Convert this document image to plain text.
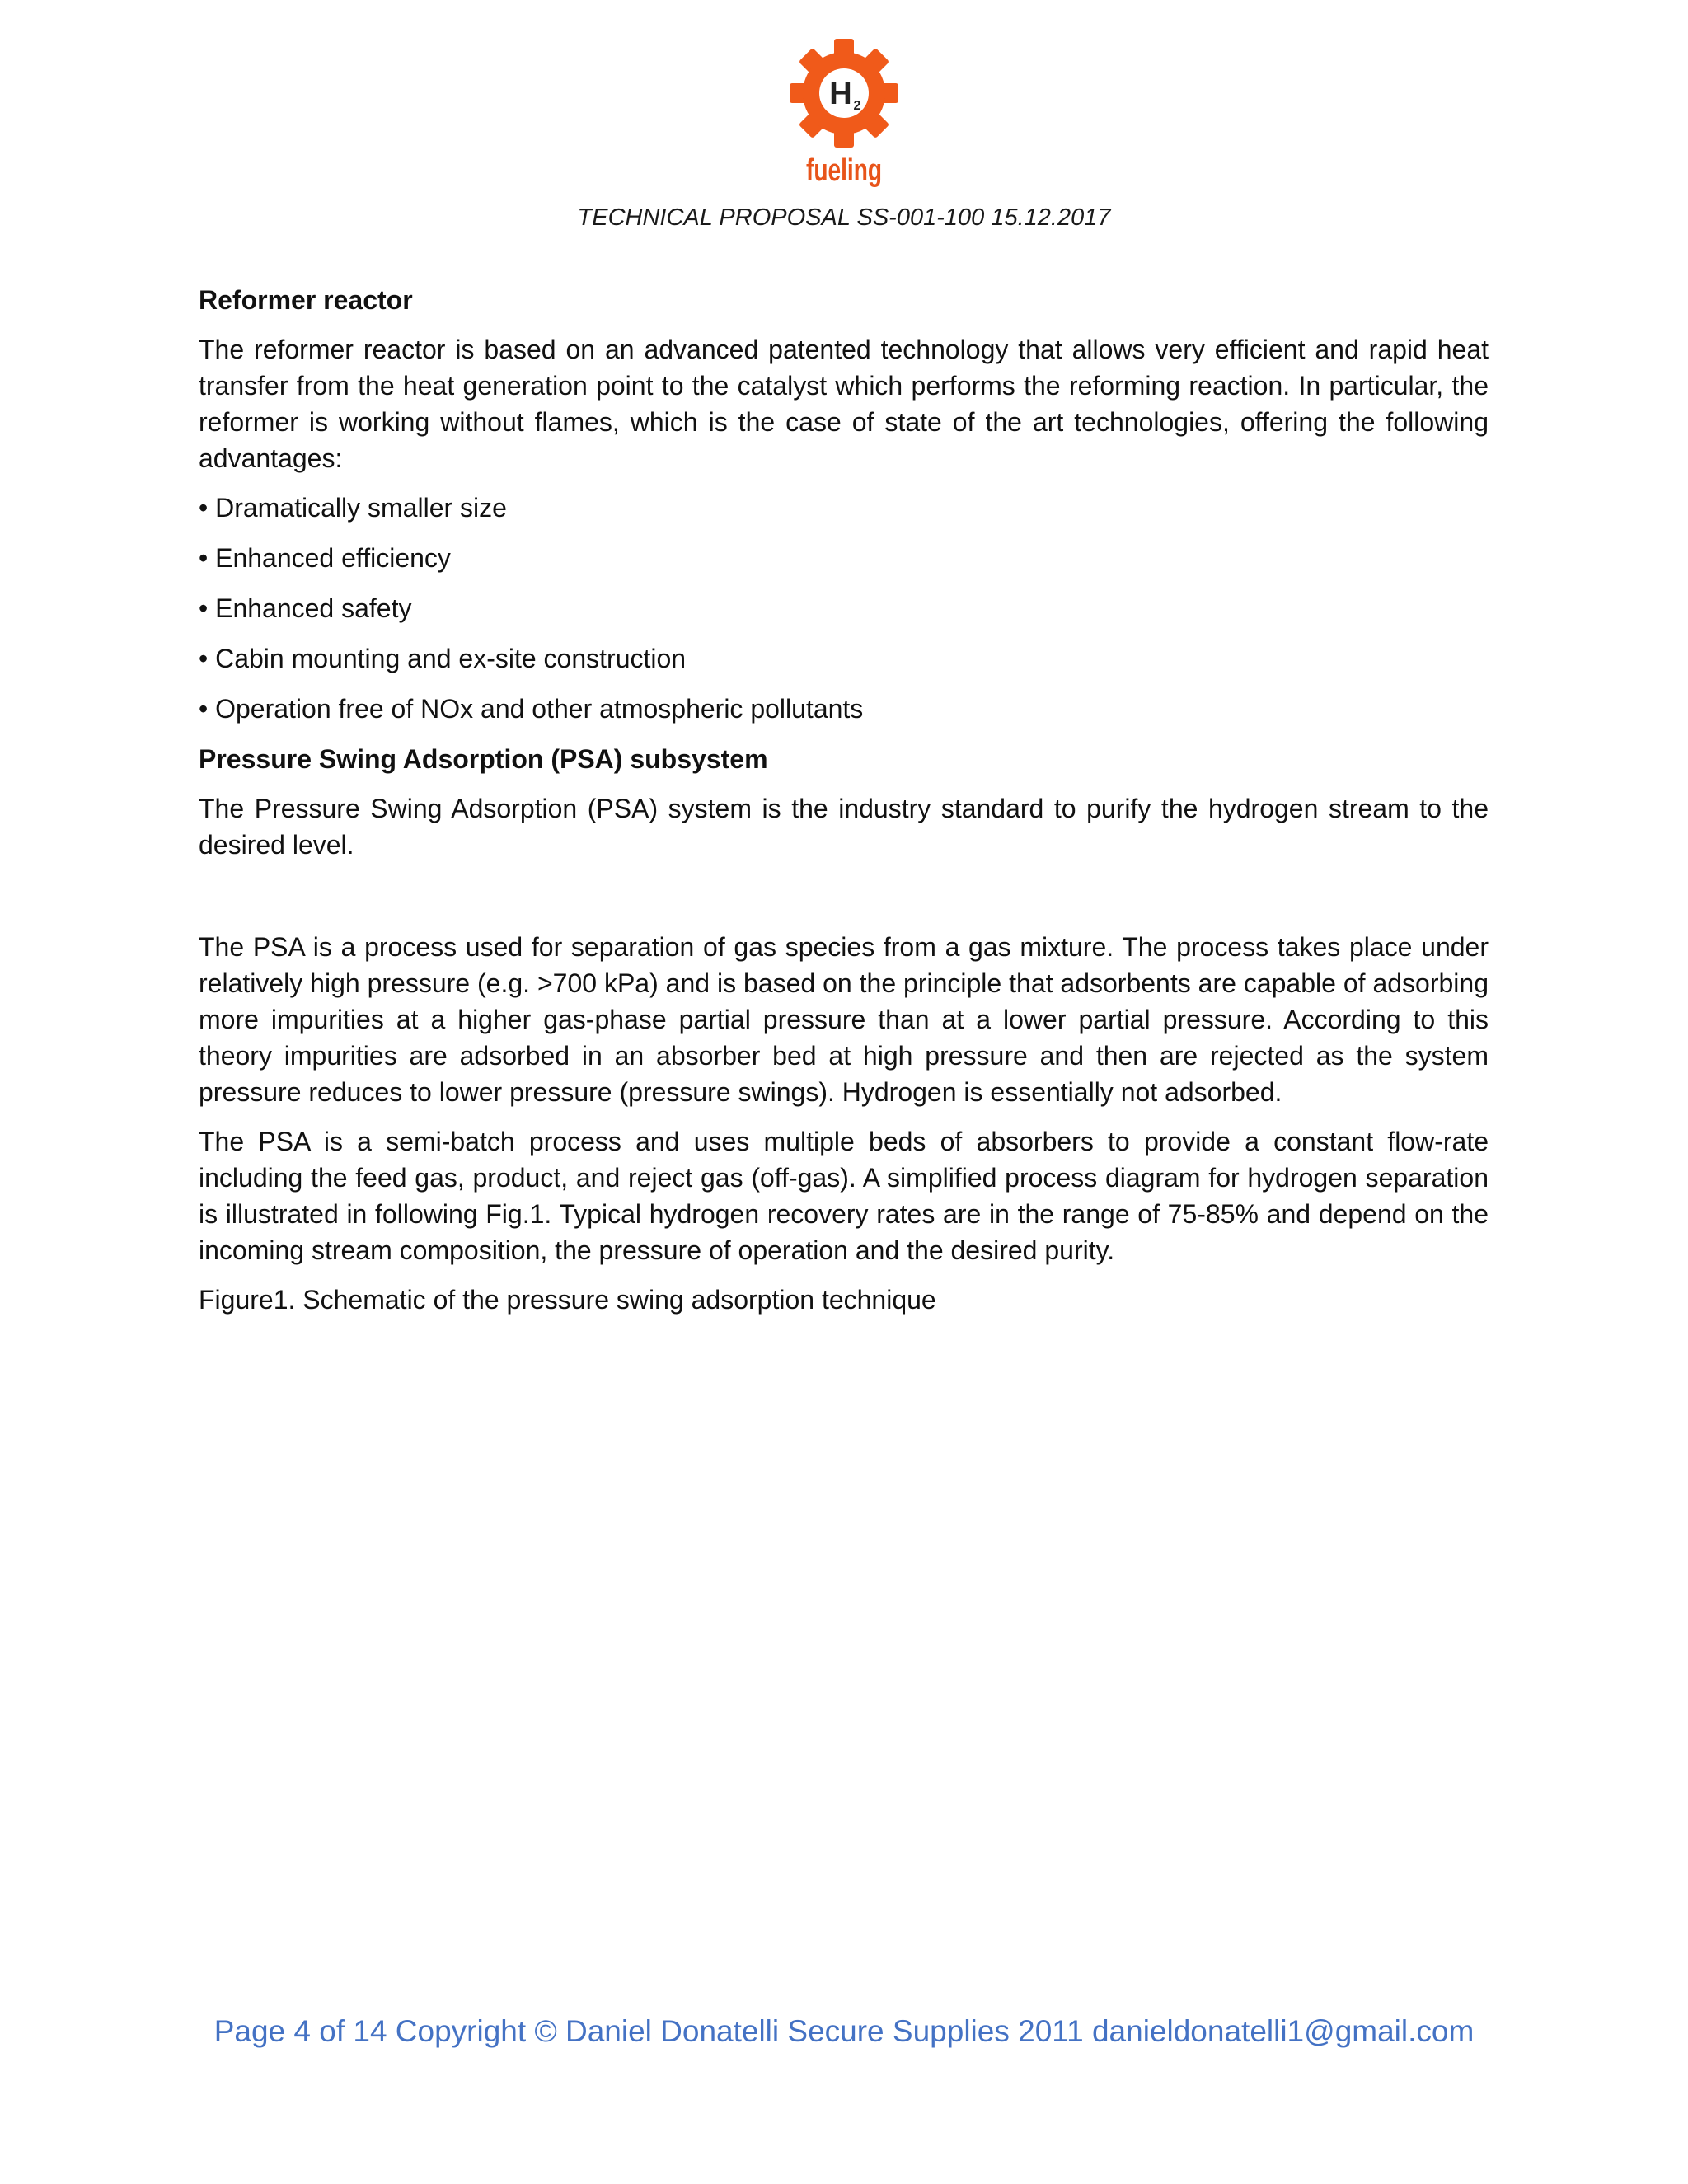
H 2
fueling
TECHNICAL PROPOSAL SS-001-100 15.12.2017
Reformer reactor

The reformer reactor is based on an advanced patented technology that allows very efficient and rapid heat transfer from the heat generation point to the catalyst which performs the reforming reaction. In particular, the reformer is working without flames, which is the case of state of the art technologies, offering the following advantages:

• Dramatically smaller size
• Enhanced efficiency
• Enhanced safety
• Cabin mounting and ex-site construction
• Operation free of NOx and other atmospheric pollutants
Pressure Swing Adsorption (PSA) subsystem

The Pressure Swing Adsorption (PSA) system is the industry standard to purify the hydrogen stream to the desired level.

The PSA is a process used for separation of gas species from a gas mixture. The process takes place under relatively high pressure (e.g. >700 kPa) and is based on the principle that adsorbents are capable of adsorbing more impurities at a higher gas-phase partial pressure than at a lower partial pressure. According to this theory impurities are adsorbed in an absorber bed at high pressure and then are rejected as the system pressure reduces to lower pressure (pressure swings). Hydrogen is essentially not adsorbed.

The PSA is a semi-batch process and uses multiple beds of absorbers to provide a constant flow-rate including the feed gas, product, and reject gas (off-gas). A simplified process diagram for hydrogen separation is illustrated in following Fig.1. Typical hydrogen recovery rates are in the range of 75-85% and depend on the incoming stream composition, the pressure of operation and the desired purity.

Figure1. Schematic of the pressure swing adsorption technique

Page 4 of 14 Copyright © Daniel Donatelli Secure Supplies 2011 danieldonatelli1@gmail.com
